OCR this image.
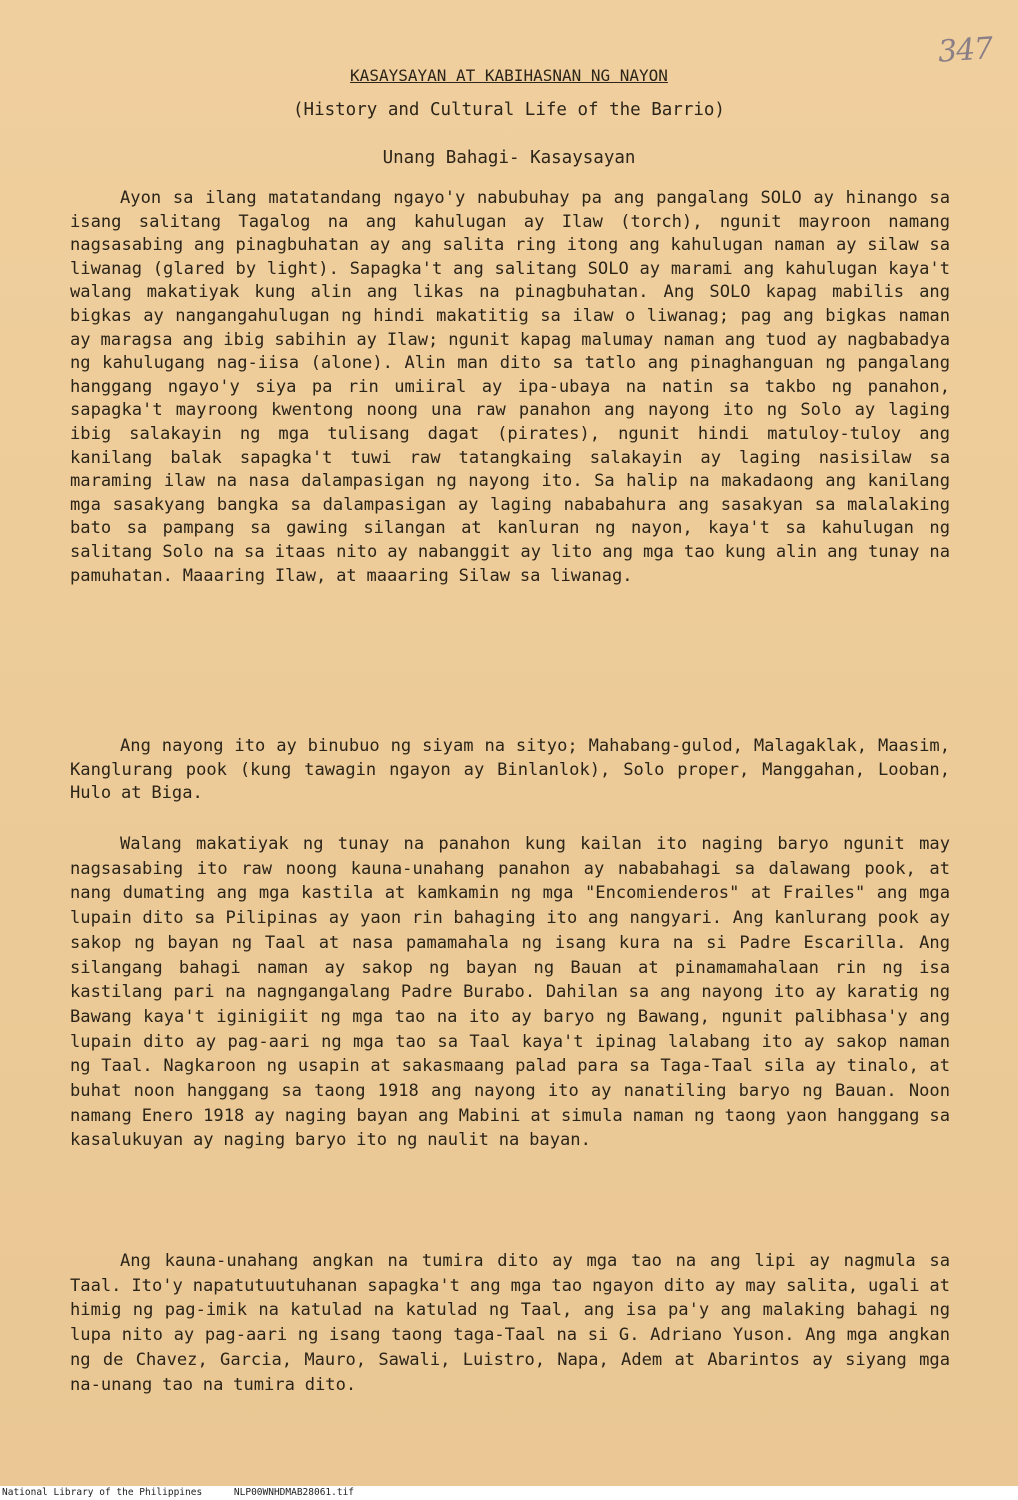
347
KASAYSAYAN AT KABIHASNAN NG NAYON
(History and Cultural Life of the Barrio)
Unang Bahagi- Kasaysayan

Ayon sa ilang matatandang ngayo'y nabubuhay pa ang pangalang SOLO ay hinango sa isang salitang Tagalog na ang kahulugan ay Ilaw (torch), ngunit mayroon namang nagsasabing ang pinagbuhatan ay ang salita ring itong ang kahulugan naman ay silaw sa liwanag (glared by light). Sapagka't ang salitang SOLO ay marami ang kahulugan kaya't walang makatiyak kung alin ang likas na pinagbuhatan. Ang SOLO kapag mabilis ang bigkas ay nangangahulugan ng hindi makatitig sa ilaw o liwanag; pag ang bigkas naman ay maragsa ang ibig sabihin ay Ilaw; ngunit kapag malumay naman ang tuod ay nagbabadya ng kahulugang nag-iisa (alone). Alin man dito sa tatlo ang pinaghanguan ng pangalang hanggang ngayo'y siya pa rin umiiral ay ipa-ubaya na natin sa takbo ng panahon, sapagka't mayroong kwentong noong una raw panahon ang nayong ito ng Solo ay laging ibig salakayin ng mga tulisang dagat (pirates), ngunit hindi matuloy-tuloy ang kanilang balak sapagka't tuwi raw tatangkaing salakayin ay laging nasisilaw sa maraming ilaw na nasa dalampasigan ng nayong ito. Sa halip na makadaong ang kanilang mga sasakyang bangka sa dalampasigan ay laging nababahura ang sasakyan sa malalaking bato sa pampang sa gawing silangan at kanluran ng nayon, kaya't sa kahulugan ng salitang Solo na sa itaas nito ay nabanggit ay lito ang mga tao kung alin ang tunay na pamuhatan. Maaaring Ilaw, at maaaring Silaw sa liwanag.

Ang nayong ito ay binubuo ng siyam na sityo; Mahabang-gulod, Malagaklak, Maasim, Kanglurang pook (kung tawagin ngayon ay Binlanlok), Solo proper, Manggahan, Looban, Hulo at Biga.

Walang makatiyak ng tunay na panahon kung kailan ito naging baryo ngunit may nagsasabing ito raw noong kauna-unahang panahon ay nababahagi sa dalawang pook, at nang dumating ang mga kastila at kamkamin ng mga "Encomienderos" at Frailes" ang mga lupain dito sa Pilipinas ay yaon rin bahaging ito ang nangyari. Ang kanlurang pook ay sakop ng bayan ng Taal at nasa pamamahala ng isang kura na si Padre Escarilla. Ang silangang bahagi naman ay sakop ng bayan ng Bauan at pinamamahalaan rin ng isa kastilang pari na nagngangalang Padre Burabo. Dahilan sa ang nayong ito ay karatig ng Bawang kaya't iginigiit ng mga tao na ito ay baryo ng Bawang, ngunit palibhasa'y ang lupain dito ay pag-aari ng mga tao sa Taal kaya't ipinag lalabang ito ay sakop naman ng Taal. Nagkaroon ng usapin at sakasmaang palad para sa Taga-Taal sila ay tinalo, at buhat noon hanggang sa taong 1918 ang nayong ito ay nanatiling baryo ng Bauan. Noon namang Enero 1918 ay naging bayan ang Mabini at simula naman ng taong yaon hanggang sa kasalukuyan ay naging baryo ito ng naulit na bayan.

Ang kauna-unahang angkan na tumira dito ay mga tao na ang lipi ay nagmula sa Taal. Ito'y napatutuutuhanan sapagka't ang mga tao ngayon dito ay may salita, ugali at himig ng pag-imik na katulad na katulad ng Taal, ang isa pa'y ang malaking bahagi ng lupa nito ay pag-aari ng isang taong taga-Taal na si G. Adriano Yuson. Ang mga angkan ng de Chavez, Garcia, Mauro, Sawali, Luistro, Napa, Adem at Abarintos ay siyang mga na-unang tao na tumira dito.

National Library of the Philippines	NLP00WNHDMAB28061.tif
